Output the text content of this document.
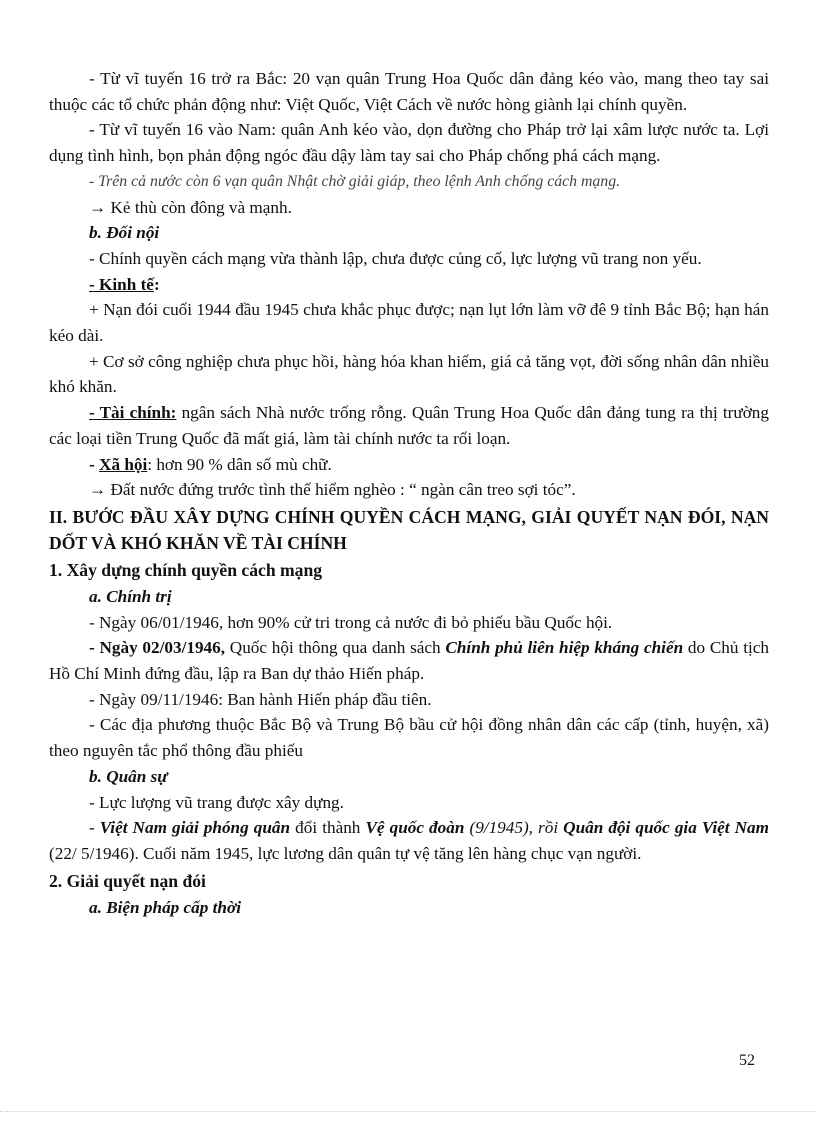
- Từ vĩ tuyến 16 trở ra Bắc: 20 vạn quân Trung Hoa Quốc dân đảng kéo vào, mang theo tay sai thuộc các tổ chức phản động như: Việt Quốc, Việt Cách về nước hòng giành lại chính quyền.

- Từ vĩ tuyến 16 vào Nam: quân Anh kéo vào, dọn đường cho Pháp trở lại xâm lược nước ta. Lợi dụng tình hình, bọn phản động ngóc đầu dậy làm tay sai cho Pháp chống phá cách mạng.

- Trên cả nước còn 6 vạn quân Nhật chờ giải giáp, theo lệnh Anh chống cách mạng.

→ Kẻ thù còn đông và mạnh.

b. Đối nội

- Chính quyền cách mạng vừa thành lập, chưa được củng cố, lực lượng vũ trang non yếu.

- Kinh tế:

+ Nạn đói cuối 1944 đầu 1945 chưa khắc phục được; nạn lụt lớn làm vỡ đê 9 tỉnh Bắc Bộ; hạn hán kéo dài.

+ Cơ sở công nghiệp chưa phục hồi, hàng hóa khan hiếm, giá cả tăng vọt, đời sống nhân dân nhiều khó khăn.

- Tài chính: ngân sách Nhà nước trống rỗng. Quân Trung Hoa Quốc dân đảng tung ra thị trường các loại tiền Trung Quốc đã mất giá, làm tài chính nước ta rối loạn.

- Xã hội: hơn 90 % dân số mù chữ.

→ Đất nước đứng trước tình thế hiểm nghèo : “ ngàn cân treo sợi tóc”.

II. BƯỚC ĐẦU XÂY DỰNG CHÍNH QUYỀN CÁCH MẠNG, GIẢI QUYẾT NẠN ĐÓI, NẠN DỐT VÀ KHÓ KHĂN VỀ TÀI CHÍNH

1. Xây dựng chính quyền cách mạng

a. Chính trị

- Ngày 06/01/1946, hơn 90% cử tri trong cả nước đi bỏ phiếu bầu Quốc hội.

- Ngày 02/03/1946, Quốc hội thông qua danh sách Chính phủ liên hiệp kháng chiến do Chủ tịch Hồ Chí Minh đứng đầu, lập ra Ban dự thảo Hiến pháp.

- Ngày 09/11/1946: Ban hành Hiến pháp đầu tiên.

- Các địa phương thuộc Bắc Bộ và Trung Bộ bầu cử hội đồng nhân dân các cấp (tỉnh, huyện, xã) theo nguyên tắc phổ thông đầu phiếu

b. Quân sự

- Lực lượng vũ trang được xây dựng.

- Việt Nam giải phóng quân đổi thành Vệ quốc đoàn (9/1945), rồi Quân đội quốc gia Việt Nam (22/ 5/1946). Cuối năm 1945, lực lương dân quân tự vệ tăng lên hàng chục vạn người.

2. Giải quyết nạn đói

a. Biện pháp cấp thời

52
